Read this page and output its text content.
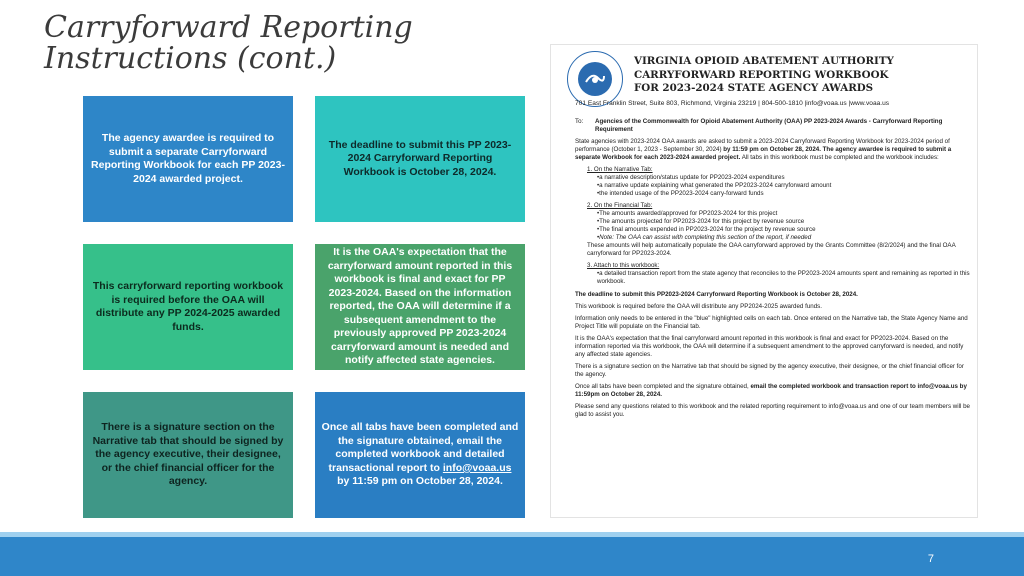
Carryforward Reporting
Instructions (cont.)
The agency awardee is required to submit a separate Carryforward Reporting Workbook for each PP 2023-2024 awarded project.
The deadline to submit this PP 2023-2024 Carryforward Reporting Workbook is October 28, 2024.
This carryforward reporting workbook is required before the OAA will distribute any PP 2024-2025 awarded funds.
It is the OAA's expectation that the carryforward amount reported in this workbook is final and exact for PP 2023-2024. Based on the information reported, the OAA will determine if a subsequent amendment to the previously approved PP 2023-2024 carryforward amount is needed and notify affected state agencies.
There is a signature section on the Narrative tab that should be signed by the agency executive, their designee, or the chief financial officer for the agency.
Once all tabs have been completed and the signature obtained, email the completed workbook and detailed transactional report to info@voaa.us by 11:59 pm on October 28, 2024.
VIRGINIA OPIOID ABATEMENT AUTHORITY
CARRYFORWARD REPORTING WORKBOOK
FOR 2023-2024 STATE AGENCY AWARDS
701 East Franklin Street, Suite 803, Richmond, Virginia 23219 | 804-500-1810 |info@voaa.us |www.voaa.us

To:	Agencies of the Commonwealth for Opioid Abatement Authority (OAA) PP 2023-2024 Awards - Carryforward Reporting Requirement

State agencies with 2023-2024 OAA awards are asked to submit a 2023-2024 Carryforward Reporting Workbook for 2023-2024 period of performance (October 1, 2023 - September 30, 2024) by 11:59 pm on October 28, 2024. The agency awardee is required to submit a separate Workbook for each 2023-2024 awarded project. All tabs in this workbook must be completed and the workbook includes:

1. On the Narrative Tab:
•a narrative description/status update for PP2023-2024 expenditures
•a narrative update explaining what generated the PP2023-2024 carryforward amount
•the intended usage of the PP2023-2024 carry-forward funds
2. On the Financial Tab:
•The amounts awarded/approved for PP2023-2024 for this project
•The amounts projected for PP2023-2024 for this project by revenue source
•The final amounts expended in PP2023-2024 for the project by revenue source
•Note: The OAA can assist with completing this section of the report, if needed
These amounts will help automatically populate the OAA carryforward approved by the Grants Committee (8/2/2024) and the final OAA carryforward for PP2023-2024.
3. Attach to this workbook:
•a detailed transaction report from the state agency that reconciles to the PP2023-2024 amounts spent and remaining as reported in this workbook.

The deadline to submit this PP2023-2024 Carryforward Reporting Workbook is October 28, 2024.

This workbook is required before the OAA will distribute any PP2024-2025 awarded funds.

Information only needs to be entered in the "blue" highlighted cells on each tab. Once entered on the Narrative tab, the State Agency Name and Project Title will populate on the Financial tab.

It is the OAA's expectation that the final carryforward amount reported in this workbook is final and exact for PP2023-2024. Based on the information reported via this workbook, the OAA will determine if a subsequent amendment to the approved carryforward is needed, and notify any affected state agencies.

There is a signature section on the Narrative tab that should be signed by the agency executive, their designee, or the chief financial officer for the agency.

Once all tabs have been completed and the signature obtained, email the completed workbook and transaction report to info@voaa.us by 11:59pm on October 28, 2024.

Please send any questions related to this workbook and the related reporting requirement to info@voaa.us and one of our team members will be glad to assist you.

7
